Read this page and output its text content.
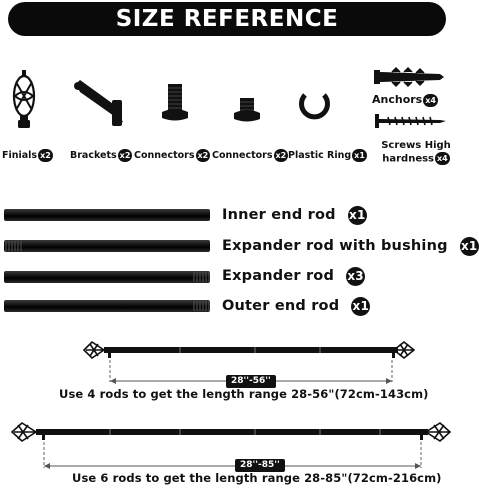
SIZE REFERENCE
Finials x2 Brackets x2 Connectors x2 Connectors x2 Plastic Ring x1
Anchors x4
Screws High hardness x4
Inner end rod x1
Expander rod with bushing x1
Expander rod x3
Outer end rod x1
28''-56''
Use 4 rods to get the length range 28-56"(72cm-143cm)
28''-85''
Use 6 rods to get the length range 28-85"(72cm-216cm)
